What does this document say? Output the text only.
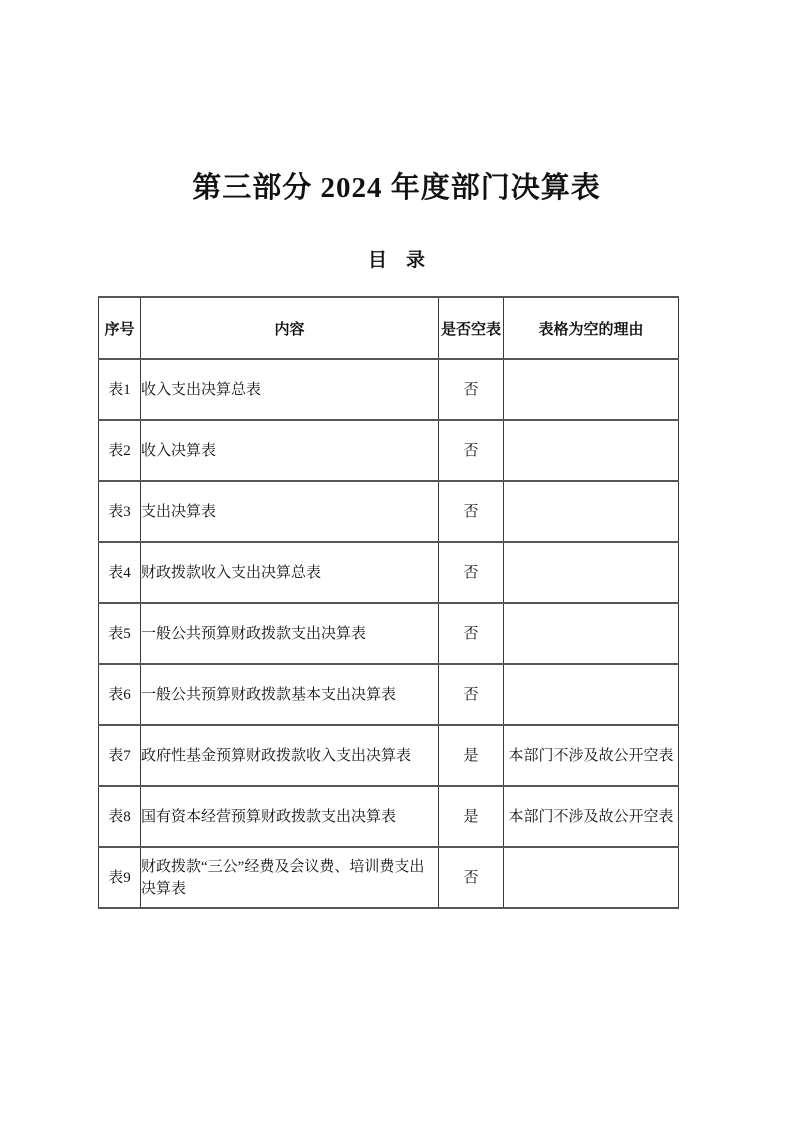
第三部分 2024 年度部门决算表
目　录
序号	内容	是否空表	表格为空的理由
表1	收入支出决算总表	否	
表2	收入决算表	否	
表3	支出决算表	否	
表4	财政拨款收入支出决算总表	否	
表5	一般公共预算财政拨款支出决算表	否	
表6	一般公共预算财政拨款基本支出决算表	否	
表7	政府性基金预算财政拨款收入支出决算表	是	本部门不涉及故公开空表
表8	国有资本经营预算财政拨款支出决算表	是	本部门不涉及故公开空表
表9	财政拨款“三公”经费及会议费、培训费支出决算表	否	
